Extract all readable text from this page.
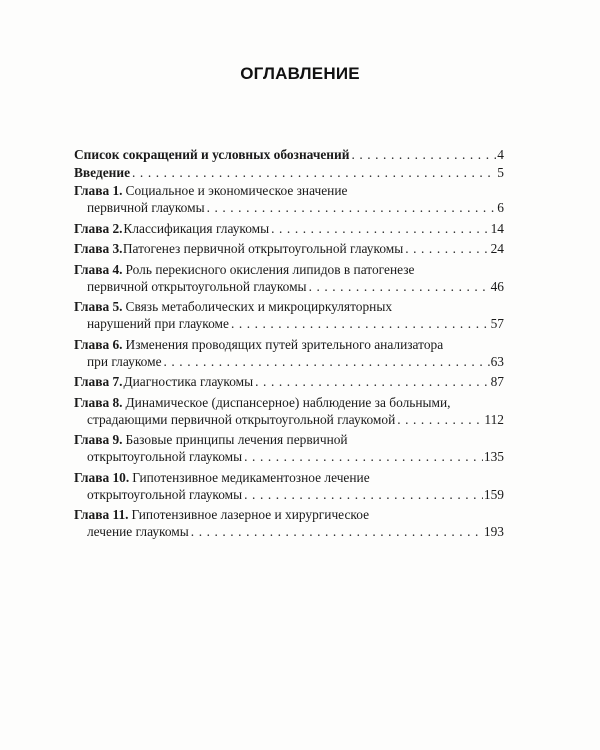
ОГЛАВЛЕНИЕ
Список сокращений и условных обозначений . . .	4
Введение . . .	5
Глава 1. Социальное и экономическое значение
первичной глаукомы . . .	6
Глава 2. Классификация глаукомы . . .	14
Глава 3. Патогенез первичной открытоугольной глаукомы . . .	24
Глава 4. Роль перекисного окисления липидов в патогенезе
первичной открытоугольной глаукомы . . .	46
Глава 5. Связь метаболических и микроциркуляторных
нарушений при глаукоме . . .	57
Глава 6. Изменения проводящих путей зрительного анализатора
при глаукоме . . .	63
Глава 7. Диагностика глаукомы . . .	87
Глава 8. Динамическое (диспансерное) наблюдение за больными,
страдающими первичной открытоугольной глаукомой . . .	112
Глава 9. Базовые принципы лечения первичной
открытоугольной глаукомы . . .	135
Глава 10. Гипотензивное медикаментозное лечение
открытоугольной глаукомы . . .	159
Глава 11. Гипотензивное лазерное и хирургическое
лечение глаукомы . . .	193
